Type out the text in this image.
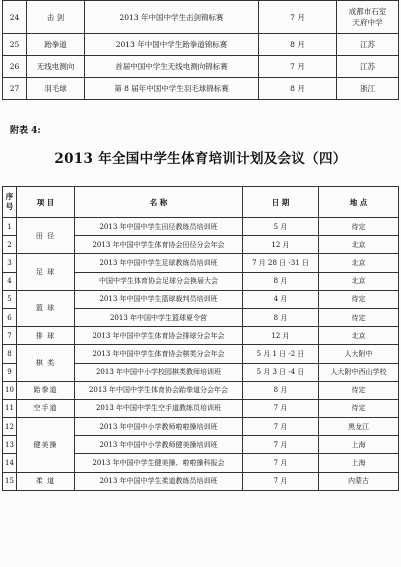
24	击 剑	2013 年中国中学生击剑锦标赛	7 月	成都市石室
天府中学
25	跆拳道	2013 年中国中学生跆拳道锦标赛	8 月	江苏
26	无线电测向	首届中国中学生无线电测向锦标赛	7 月	江苏
27	羽毛球	第 8 届年中国中学生羽毛球锦标赛	8 月	浙江
附表 4:
2013 年全国中学生体育培训计划及会议（四）
序号	项 目	名 称	日 期	地 点
1	田 径	2013 年中国中学生田径教练员培训班	5 月	待定
2		2013 年中国中学生体育协会田径分会年会	12 月	北京
3	足 球	2013 年中国中学生足球教练员培训班	7 月 28 日 -31 日	北京
4		中国中学生体育协会足球分会换届大会	8 月	北京
5	篮 球	2013 年中国中学生篮球裁判员培训班	4 月	待定
6		2013 年中国中学生篮球夏令营	8 月	待定
7	排 球	2013 年中国中学生体育协会排球分会年会	12 月	北京
8	棋 类	2013 年中国中学生体育协会棋类分会年会	5 月 1 日 -2 日	人大附中
9		2013 年中国中小学校园棋类教师培训班	5 月 3 日 -4 日	人大附中西山学校
10	跆拳道	2013 年中国中学生体育协会跆拳道分会年会	8 月	待定
11	空手道	2013 年中国中学生空手道教练员培训班	7 月	待定
12	健美操	2013 年中国中小学教师啦啦操培训班	7 月	黑龙江
13		2013 年中国中小学教师健美操培训班	7 月	上海
14		2013 年中国中学生健美操、啦啦操科报会	7 月	上海
15	柔 道	2013 年中国中学生柔道教练员培训班	7 月	内蒙古
